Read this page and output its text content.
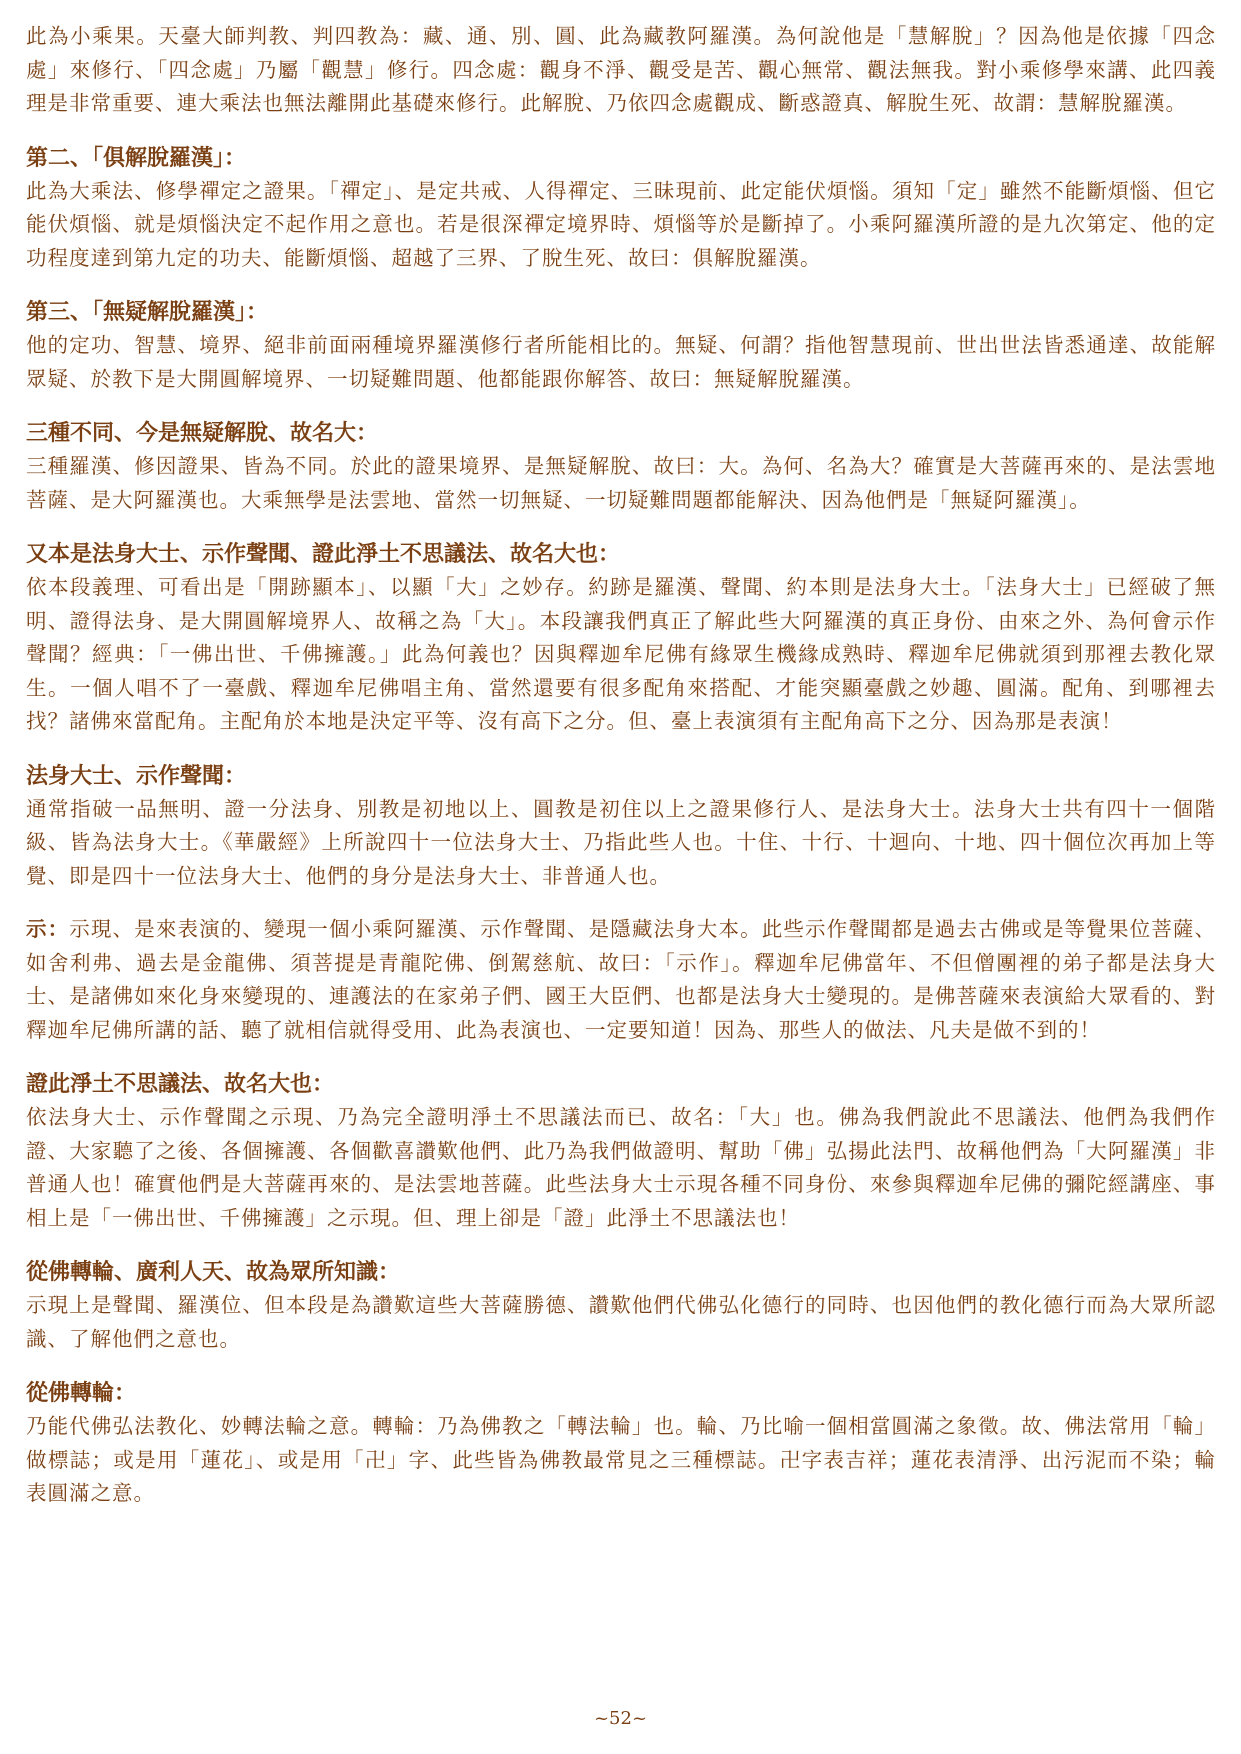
此為小乘果。天臺大師判教、判四教為：藏、通、別、圓、此為藏教阿羅漢。為何說他是「慧解脫」？因為他是依據「四念處」來修行、「四念處」乃屬「觀慧」修行。四念處：觀身不淨、觀受是苦、觀心無常、觀法無我。對小乘修學來講、此四義理是非常重要、連大乘法也無法離開此基礎來修行。此解脫、乃依四念處觀成、斷惑證真、解脫生死、故謂：慧解脫羅漢。

第二、「俱解脫羅漢」：

此為大乘法、修學禪定之證果。「禪定」、是定共戒、人得禪定、三昧現前、此定能伏煩惱。須知「定」雖然不能斷煩惱、但它能伏煩惱、就是煩惱決定不起作用之意也。若是很深禪定境界時、煩惱等於是斷掉了。小乘阿羅漢所證的是九次第定、他的定功程度達到第九定的功夫、能斷煩惱、超越了三界、了脫生死、故曰：俱解脫羅漢。

第三、「無疑解脫羅漢」：

他的定功、智慧、境界、絕非前面兩種境界羅漢修行者所能相比的。無疑、何謂？指他智慧現前、世出世法皆悉通達、故能解眾疑、於教下是大開圓解境界、一切疑難問題、他都能跟你解答、故曰：無疑解脫羅漢。

三種不同、今是無疑解脫、故名大：

三種羅漢、修因證果、皆為不同。於此的證果境界、是無疑解脫、故曰：大。為何、名為大？確實是大菩薩再來的、是法雲地菩薩、是大阿羅漢也。大乘無學是法雲地、當然一切無疑、一切疑難問題都能解決、因為他們是「無疑阿羅漢」。

又本是法身大士、示作聲聞、證此淨土不思議法、故名大也：

依本段義理、可看出是「開跡顯本」、以顯「大」之妙存。約跡是羅漢、聲聞、約本則是法身大士。「法身大士」已經破了無明、證得法身、是大開圓解境界人、故稱之為「大」。本段讓我們真正了解此些大阿羅漢的真正身份、由來之外、為何會示作聲聞？經典：「一佛出世、千佛擁護。」此為何義也？因與釋迦牟尼佛有緣眾生機緣成熟時、釋迦牟尼佛就須到那裡去教化眾生。一個人唱不了一臺戲、釋迦牟尼佛唱主角、當然還要有很多配角來搭配、才能突顯臺戲之妙趣、圓滿。配角、到哪裡去找？諸佛來當配角。主配角於本地是決定平等、沒有高下之分。但、臺上表演須有主配角高下之分、因為那是表演！

法身大士、示作聲聞：

通常指破一品無明、證一分法身、別教是初地以上、圓教是初住以上之證果修行人、是法身大士。法身大士共有四十一個階級、皆為法身大士。《華嚴經》上所說四十一位法身大士、乃指此些人也。十住、十行、十迴向、十地、四十個位次再加上等覺、即是四十一位法身大士、他們的身分是法身大士、非普通人也。

示：示現、是來表演的、變現一個小乘阿羅漢、示作聲聞、是隱藏法身大本。此些示作聲聞都是過去古佛或是等覺果位菩薩、如舍利弗、過去是金龍佛、須菩提是青龍陀佛、倒駕慈航、故曰：「示作」。釋迦牟尼佛當年、不但僧團裡的弟子都是法身大士、是諸佛如來化身來變現的、連護法的在家弟子們、國王大臣們、也都是法身大士變現的。是佛菩薩來表演給大眾看的、對釋迦牟尼佛所講的話、聽了就相信就得受用、此為表演也、一定要知道！因為、那些人的做法、凡夫是做不到的！

證此淨土不思議法、故名大也：

依法身大士、示作聲聞之示現、乃為完全證明淨土不思議法而已、故名：「大」也。佛為我們說此不思議法、他們為我們作證、大家聽了之後、各個擁護、各個歡喜讚歎他們、此乃為我們做證明、幫助「佛」弘揚此法門、故稱他們為「大阿羅漢」非普通人也！確實他們是大菩薩再來的、是法雲地菩薩。此些法身大士示現各種不同身份、來參與釋迦牟尼佛的彌陀經講座、事相上是「一佛出世、千佛擁護」之示現。但、理上卻是「證」此淨土不思議法也！

從佛轉輪、廣利人天、故為眾所知識：

示現上是聲聞、羅漢位、但本段是為讚歎這些大菩薩勝德、讚歎他們代佛弘化德行的同時、也因他們的教化德行而為大眾所認識、了解他們之意也。

從佛轉輪：

乃能代佛弘法教化、妙轉法輪之意。轉輪：乃為佛教之「轉法輪」也。輪、乃比喻一個相當圓滿之象徵。故、佛法常用「輪」做標誌；或是用「蓮花」、或是用「卍」字、此些皆為佛教最常見之三種標誌。卍字表吉祥；蓮花表清淨、出污泥而不染；輪表圓滿之意。

~52~
